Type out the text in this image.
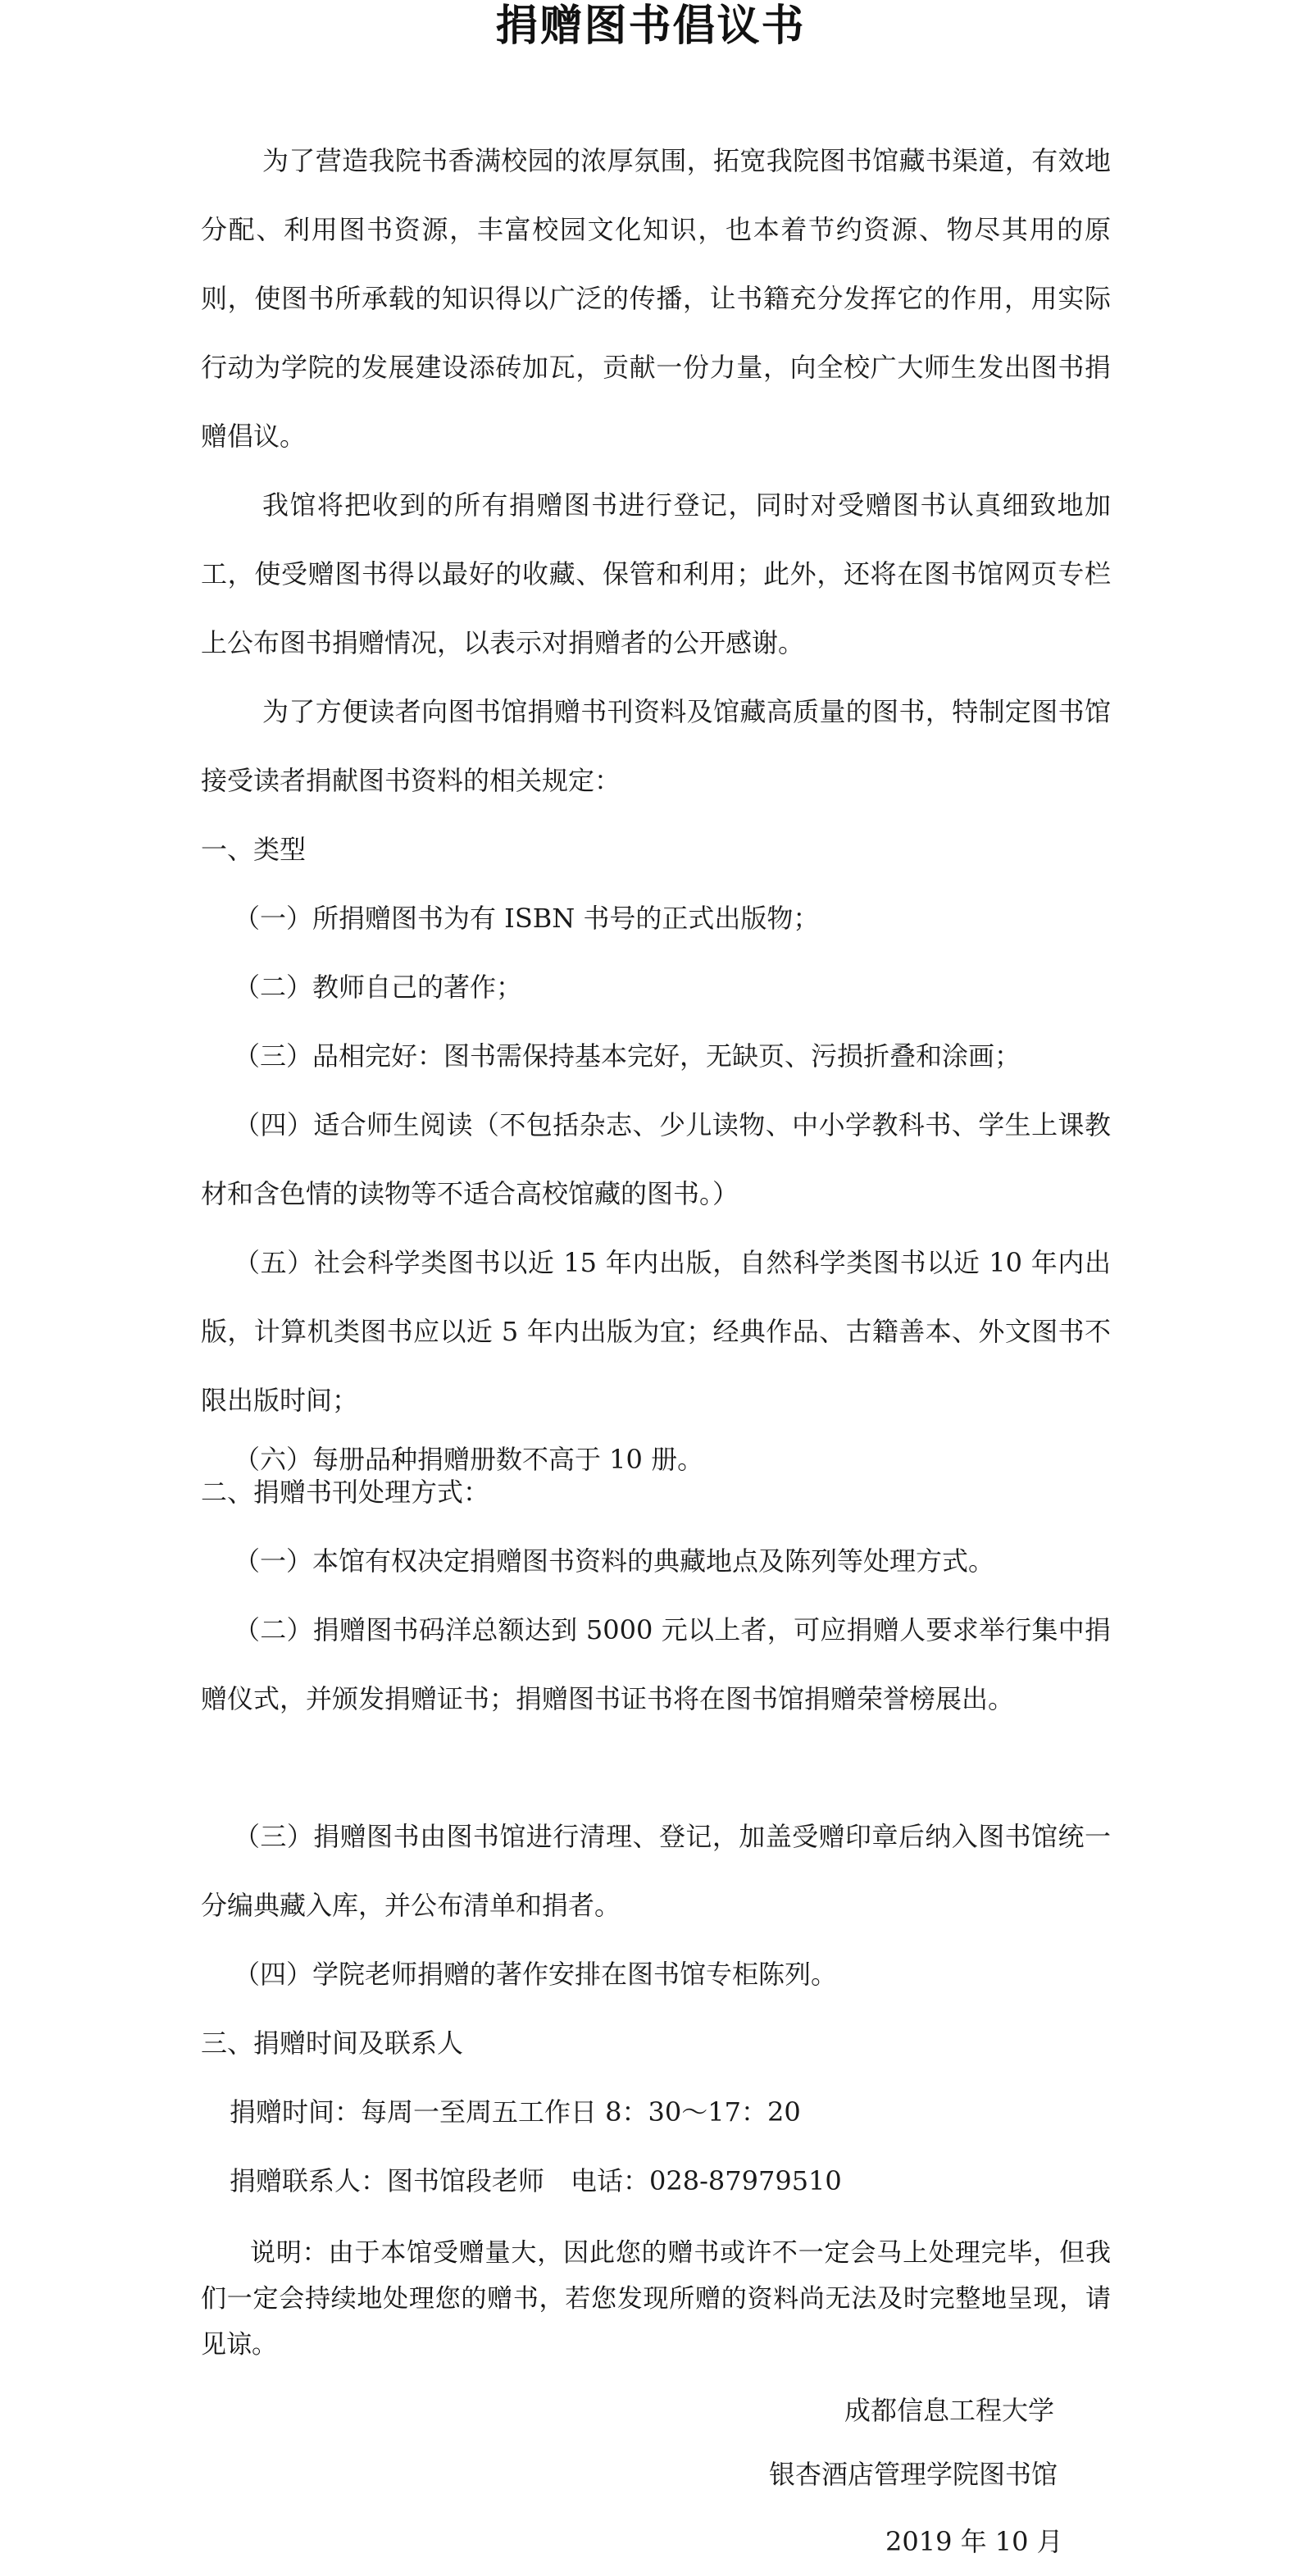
捐赠图书倡议书

为了营造我院书香满校园的浓厚氛围，拓宽我院图书馆藏书渠道，有效地分配、利用图书资源，丰富校园文化知识，也本着节约资源、物尽其用的原则，使图书所承载的知识得以广泛的传播，让书籍充分发挥它的作用，用实际行动为学院的发展建设添砖加瓦，贡献一份力量，向全校广大师生发出图书捐赠倡议。

我馆将把收到的所有捐赠图书进行登记，同时对受赠图书认真细致地加工，使受赠图书得以最好的收藏、保管和利用；此外，还将在图书馆网页专栏上公布图书捐赠情况，以表示对捐赠者的公开感谢。

为了方便读者向图书馆捐赠书刊资料及馆藏高质量的图书，特制定图书馆接受读者捐献图书资料的相关规定：

一、类型

（一）所捐赠图书为有 ISBN 书号的正式出版物；

（二）教师自己的著作；

（三）品相完好：图书需保持基本完好，无缺页、污损折叠和涂画；

（四）适合师生阅读（不包括杂志、少儿读物、中小学教科书、学生上课教材和含色情的读物等不适合高校馆藏的图书。）

（五）社会科学类图书以近 15 年内出版，自然科学类图书以近 10 年内出版，计算机类图书应以近 5 年内出版为宜；经典作品、古籍善本、外文图书不限出版时间；

（六）每册品种捐赠册数不高于 10 册。

二、捐赠书刊处理方式：

（一）本馆有权决定捐赠图书资料的典藏地点及陈列等处理方式。

（二）捐赠图书码洋总额达到 5000 元以上者，可应捐赠人要求举行集中捐赠仪式，并颁发捐赠证书；捐赠图书证书将在图书馆捐赠荣誉榜展出。

（三）捐赠图书由图书馆进行清理、登记，加盖受赠印章后纳入图书馆统一分编典藏入库，并公布清单和捐者。

（四）学院老师捐赠的著作安排在图书馆专柜陈列。

三、捐赠时间及联系人

捐赠时间：每周一至周五工作日 8：30～17：20

捐赠联系人：图书馆段老师　电话：028-87979510

说明：由于本馆受赠量大，因此您的赠书或许不一定会马上处理完毕，但我们一定会持续地处理您的赠书，若您发现所赠的资料尚无法及时完整地呈现，请见谅。

成都信息工程大学

银杏酒店管理学院图书馆

2019 年 10 月
